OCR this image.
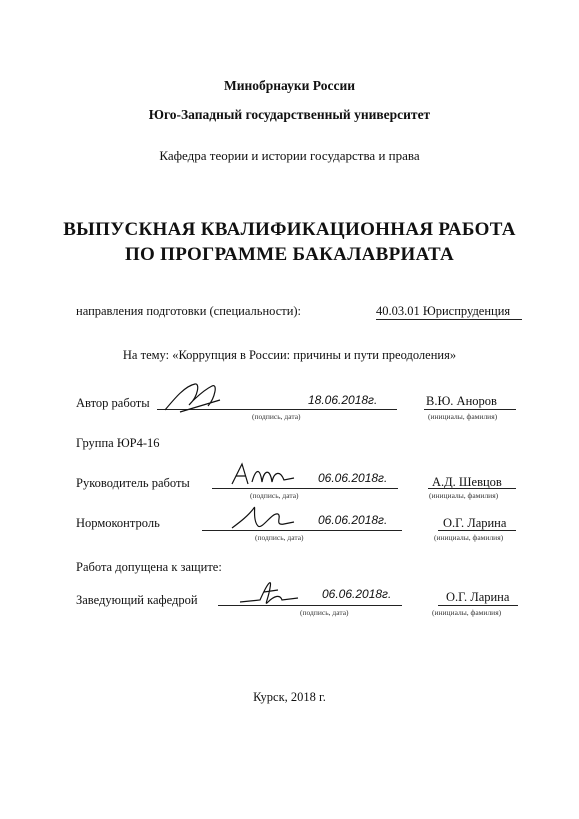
Минобрнауки России
Юго-Западный государственный университет
Кафедра теории и истории государства и права
ВЫПУСКНАЯ КВАЛИФИКАЦИОННАЯ РАБОТА
ПО ПРОГРАММЕ БАКАЛАВРИАТА
направления подготовки (специальности):	40.03.01 Юриспруденция
На тему: «Коррупция в России: причины и пути преодоления»
Автор работы	18.06.2018г.
(подпись, дата)
В.Ю. Аноров
(инициалы, фамилия)
Группа ЮР4-16
Руководитель работы	06.06.2018г.
(подпись, дата)
А.Д. Шевцов
(инициалы, фамилия)
Нормоконтроль	06.06.2018г.
(подпись, дата)
О.Г. Ларина
(инициалы, фамилия)
Работа допущена к защите:
Заведующий кафедрой	06.06.2018г.
(подпись, дата)
О.Г. Ларина
(инициалы, фамилия)
Курск, 2018 г.
